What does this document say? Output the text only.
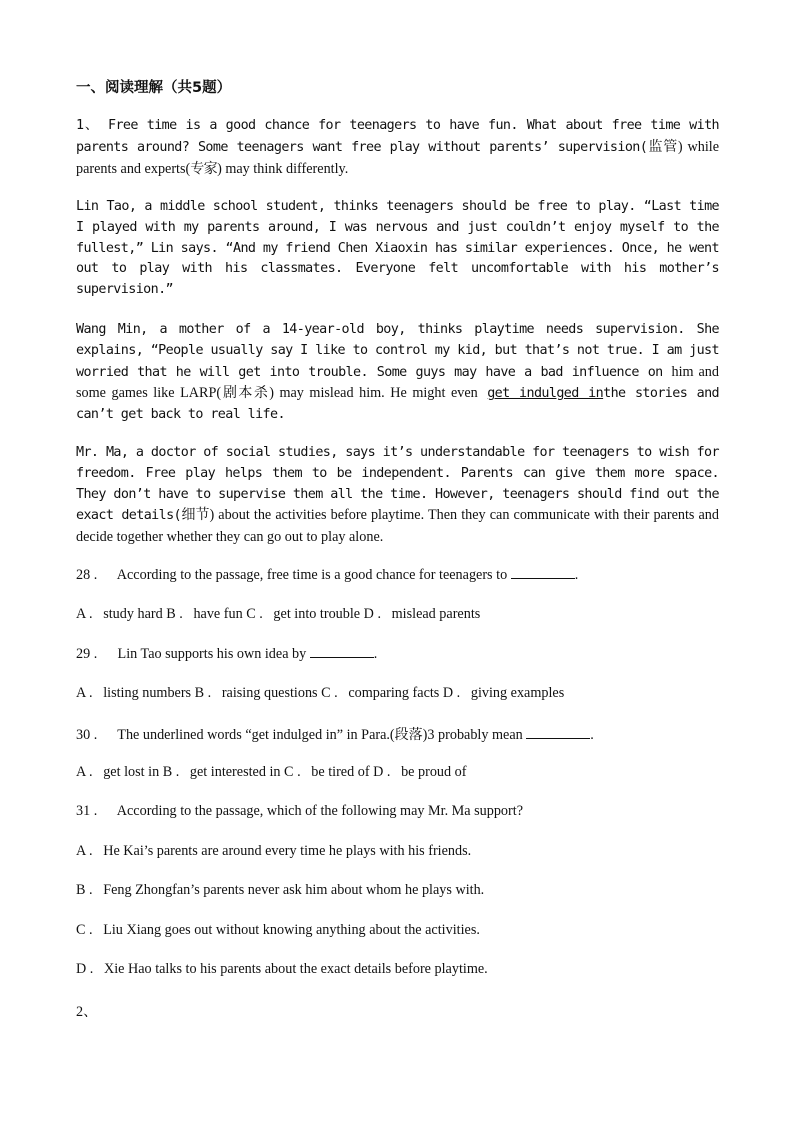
一、阅读理解（共5题）
1、 Free time is a good chance for teenagers to have fun. What about free time with parents around? Some teenagers want free play without parents’ supervision(监管) while parents and experts(专家) may think differently.
Lin Tao, a middle school student, thinks teenagers should be free to play. “Last time I played with my parents around, I was nervous and just couldn’t enjoy myself to the fullest,” Lin says. “And my friend Chen Xiaoxin has similar experiences. Once, he went out to play with his classmates. Everyone felt uncomfortable with his mother’s supervision.”
Wang Min, a mother of a 14-year-old boy, thinks playtime needs supervision. She explains, “People usually say I like to control my kid, but that’s not true. I am just worried that he will get into trouble. Some guys may have a bad influence on him and some games like LARP(剧本杀) may mislead him. He might even get indulged inthe stories and can’t get back to real life.
Mr. Ma, a doctor of social studies, says it’s understandable for teenagers to wish for freedom. Free play helps them to be independent. Parents can give them more space. They don’t have to supervise them all the time. However, teenagers should find out the exact details(细节) about the activities before playtime. Then they can communicate with their parents and decide together whether they can go out to play alone.
28 . According to the passage, free time is a good chance for teenagers to	.
A .   study hard B .   have fun C .   get into trouble D .   mislead parents
29 . Lin Tao supports his own idea by	.
A .   listing numbers B .   raising questions C .   comparing facts D .   giving examples
30 . The underlined words “get indulged in” in Para.(段落)3 probably mean	.
A .   get lost in B .   get interested in C .   be tired of D .   be proud of
31 . According to the passage, which of the following may Mr. Ma support?
A .   He Kai’s parents are around every time he plays with his friends.
B .   Feng Zhongfan’s parents never ask him about whom he plays with.
C .   Liu Xiang goes out without knowing anything about the activities.
D .   Xie Hao talks to his parents about the exact details before playtime.
2、
